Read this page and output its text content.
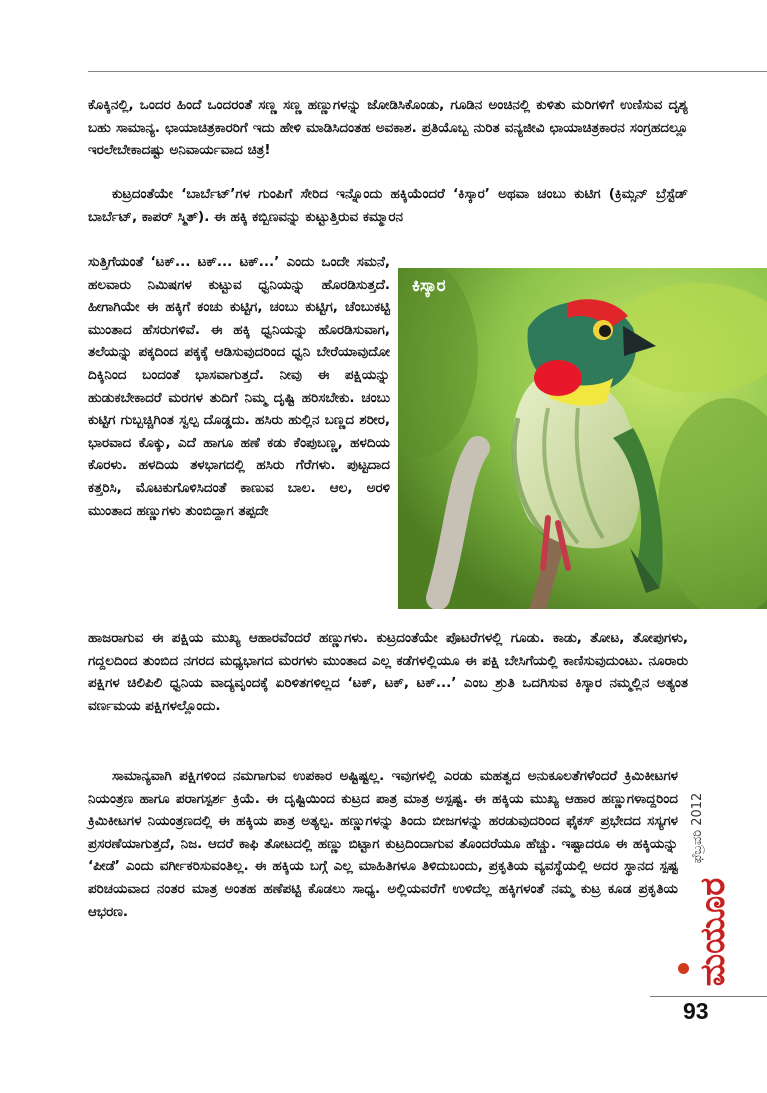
ಕೊಕ್ಕಿನಲ್ಲಿ, ಒಂದರ ಹಿಂದೆ ಒಂದರಂತೆ ಸಣ್ಣ ಸಣ್ಣ ಹಣ್ಣುಗಳನ್ನು ಜೋಡಿಸಿಕೊಂಡು, ಗೂಡಿನ ಅಂಚಿನಲ್ಲಿ ಕುಳಿತು ಮರಿಗಳಿಗೆ ಉಣಿಸುವ ದೃಶ್ಯ ಬಹು ಸಾಮಾನ್ಯ. ಛಾಯಾಚಿತ್ರಕಾರರಿಗೆ ಇದು ಹೇಳಿ ಮಾಡಿಸಿದಂತಹ ಅವಕಾಶ. ಪ್ರತಿಯೊಬ್ಬ ನುರಿತ ವನ್ಯಜೀವಿ ಛಾಯಾಚಿತ್ರಕಾರನ ಸಂಗ್ರಹದಲ್ಲೂ ಇರಲೇಬೇಕಾದಷ್ಟು ಅನಿವಾರ್ಯವಾದ ಚಿತ್ರ!
ಕುಟ್ರದಂತೆಯೇ ‘ಬಾರ್ಬೆಟ್’ಗಳ ಗುಂಪಿಗೆ ಸೇರಿದ ಇನ್ನೊಂದು ಹಕ್ಕಿಯೆಂದರೆ ‘ಕಿಸ್ಕಾರ’ ಅಥವಾ ಚಂಬು ಕುಟಿಗ (ಕ್ರಿಮ್ಸನ್ ಬ್ರೆಸ್ಟೆಡ್ ಬಾರ್ಬೆಟ್, ಕಾಪರ್ ಸ್ಮಿತ್). ಈ ಹಕ್ಕಿ ಕಬ್ಬಿಣವನ್ನು ಕುಟ್ಟುತ್ತಿರುವ ಕಮ್ಮಾರನ
ಸುತ್ತಿಗೆಯಂತೆ ‘ಟಕ್... ಟಕ್... ಟಕ್...’ ಎಂದು ಒಂದೇ ಸಮನೆ, ಹಲವಾರು ನಿಮಿಷಗಳ ಕುಟ್ಟುವ ಧ್ವನಿಯನ್ನು ಹೊರಡಿಸುತ್ತದೆ. ಹೀಗಾಗಿಯೇ ಈ ಹಕ್ಕಿಗೆ ಕಂಚು ಕುಟ್ಟಿಗ, ಚಂಬು ಕುಟ್ಟಿಗ, ಚೆಂಬುಕಟ್ಟಿ ಮುಂತಾದ ಹೆಸರುಗಳಿವೆ. ಈ ಹಕ್ಕಿ ಧ್ವನಿಯನ್ನು ಹೊರಡಿಸುವಾಗ, ತಲೆಯನ್ನು ಪಕ್ಕದಿಂದ ಪಕ್ಕಕ್ಕೆ ಆಡಿಸುವುದರಿಂದ ಧ್ವನಿ ಬೇರೆಯಾವುದೋ ದಿಕ್ಕಿನಿಂದ ಬಂದಂತೆ ಭಾಸವಾಗುತ್ತದೆ. ನೀವು ಈ ಪಕ್ಷಿಯನ್ನು ಹುಡುಕಬೇಕಾದರೆ ಮರಗಳ ತುದಿಗೆ ನಿಮ್ಮ ದೃಷ್ಟಿ ಹರಿಸಬೇಕು. ಚಂಬು ಕುಟ್ಟಿಗ ಗುಬ್ಬಚ್ಚಿಗಿಂತ ಸ್ವಲ್ಪ ದೊಡ್ಡದು. ಹಸಿರು ಹುಲ್ಲಿನ ಬಣ್ಣದ ಶರೀರ, ಭಾರವಾದ ಕೊಕ್ಕು, ಎದೆ ಹಾಗೂ ಹಣೆ ಕಡು ಕೆಂಪುಬಣ್ಣ, ಹಳದಿಯ ಕೊರಳು. ಹಳದಿಯ ತಳಭಾಗದಲ್ಲಿ ಹಸಿರು ಗೆರೆಗಳು. ಪುಟ್ಟದಾದ ಕತ್ತರಿಸಿ, ಮೊಟಕುಗೊಳಿಸಿದಂತೆ ಕಾಣುವ ಬಾಲ. ಆಲ, ಅರಳಿ ಮುಂತಾದ ಹಣ್ಣುಗಳು ತುಂಬಿದ್ದಾಗ ತಪ್ಪದೇ
ಕಿಸ್ಕಾರ
ಹಾಜರಾಗುವ ಈ ಪಕ್ಷಿಯ ಮುಖ್ಯ ಆಹಾರವೆಂದರೆ ಹಣ್ಣುಗಳು. ಕುಟ್ರದಂತೆಯೇ ಪೊಟರೆಗಳಲ್ಲಿ ಗೂಡು. ಕಾಡು, ತೋಟ, ತೋಪುಗಳು, ಗದ್ದಲದಿಂದ ತುಂಬಿದ ನಗರದ ಮಧ್ಯಭಾಗದ ಮರಗಳು ಮುಂತಾದ ಎಲ್ಲ ಕಡೆಗಳಲ್ಲಿಯೂ ಈ ಪಕ್ಷಿ ಬೇಸಿಗೆಯಲ್ಲಿ ಕಾಣಿಸುವುದುಂಟು. ನೂರಾರು ಪಕ್ಷಿಗಳ ಚಿಲಿಪಿಲಿ ಧ್ವನಿಯ ವಾದ್ಯವೃಂದಕ್ಕೆ ಏರಿಳಿತಗಳಿಲ್ಲದ ‘ಟಕ್, ಟಕ್, ಟಕ್...’ ಎಂಬ ಶ್ರುತಿ ಒದಗಿಸುವ ಕಿಸ್ಕಾರ ನಮ್ಮಲ್ಲಿನ ಅತ್ಯಂತ ವರ್ಣಮಯ ಪಕ್ಷಿಗಳಲ್ಲೊಂದು.
ಸಾಮಾನ್ಯವಾಗಿ ಪಕ್ಷಿಗಳಿಂದ ನಮಗಾಗುವ ಉಪಕಾರ ಅಷ್ಟಿಷ್ಟಲ್ಲ. ಇವುಗಳಲ್ಲಿ ಎರಡು ಮಹತ್ವದ ಅನುಕೂಲತೆಗಳೆಂದರೆ ಕ್ರಿಮಿಕೀಟಗಳ ನಿಯಂತ್ರಣ ಹಾಗೂ ಪರಾಗಸ್ಪರ್ಶ ಕ್ರಿಯೆ. ಈ ದೃಷ್ಟಿಯಿಂದ ಕುಟ್ರದ ಪಾತ್ರ ಮಾತ್ರ ಅಸ್ಪಷ್ಟ. ಈ ಹಕ್ಕಿಯ ಮುಖ್ಯ ಆಹಾರ ಹಣ್ಣುಗಳಾದ್ದರಿಂದ ಕ್ರಿಮಿಕೀಟಗಳ ನಿಯಂತ್ರಣದಲ್ಲಿ ಈ ಹಕ್ಕಿಯ ಪಾತ್ರ ಅತ್ಯಲ್ಪ. ಹಣ್ಣುಗಳನ್ನು ತಿಂದು ಬೀಜಗಳನ್ನು ಹರಡುವುದರಿಂದ ಫೈಕಸ್ ಪ್ರಭೇದದ ಸಸ್ಯಗಳ ಪ್ರಸರಣೆಯಾಗುತ್ತದೆ, ನಿಜ. ಆದರೆ ಕಾಫಿ ತೋಟದಲ್ಲಿ ಹಣ್ಣು ಬಿಟ್ಟಾಗ ಕುಟ್ರದಿಂದಾಗುವ ತೊಂದರೆಯೂ ಹೆಚ್ಚು. ಇಷ್ಟಾದರೂ ಈ ಹಕ್ಕಿಯನ್ನು ‘ಪೀಡೆ’ ಎಂದು ವರ್ಗೀಕರಿಸುವಂತಿಲ್ಲ. ಈ ಹಕ್ಕಿಯ ಬಗ್ಗೆ ಎಲ್ಲ ಮಾಹಿತಿಗಳೂ ತಿಳಿದುಬಂದು, ಪ್ರಕೃತಿಯ ವ್ಯವಸ್ಥೆಯಲ್ಲಿ ಅದರ ಸ್ಥಾನದ ಸ್ಪಷ್ಟ ಪರಿಚಯವಾದ ನಂತರ ಮಾತ್ರ ಅಂತಹ ಹಣೆಪಟ್ಟಿ ಕೊಡಲು ಸಾಧ್ಯ. ಅಲ್ಲಿಯವರೆಗೆ ಉಳಿದೆಲ್ಲ ಹಕ್ಕಿಗಳಂತೆ ನಮ್ಮ ಕುಟ್ರ ಕೂಡ ಪ್ರಕೃತಿಯ ಆಭರಣ.
ಫೆಬ್ರವರಿ 2012
ಮಯೂರ
93
